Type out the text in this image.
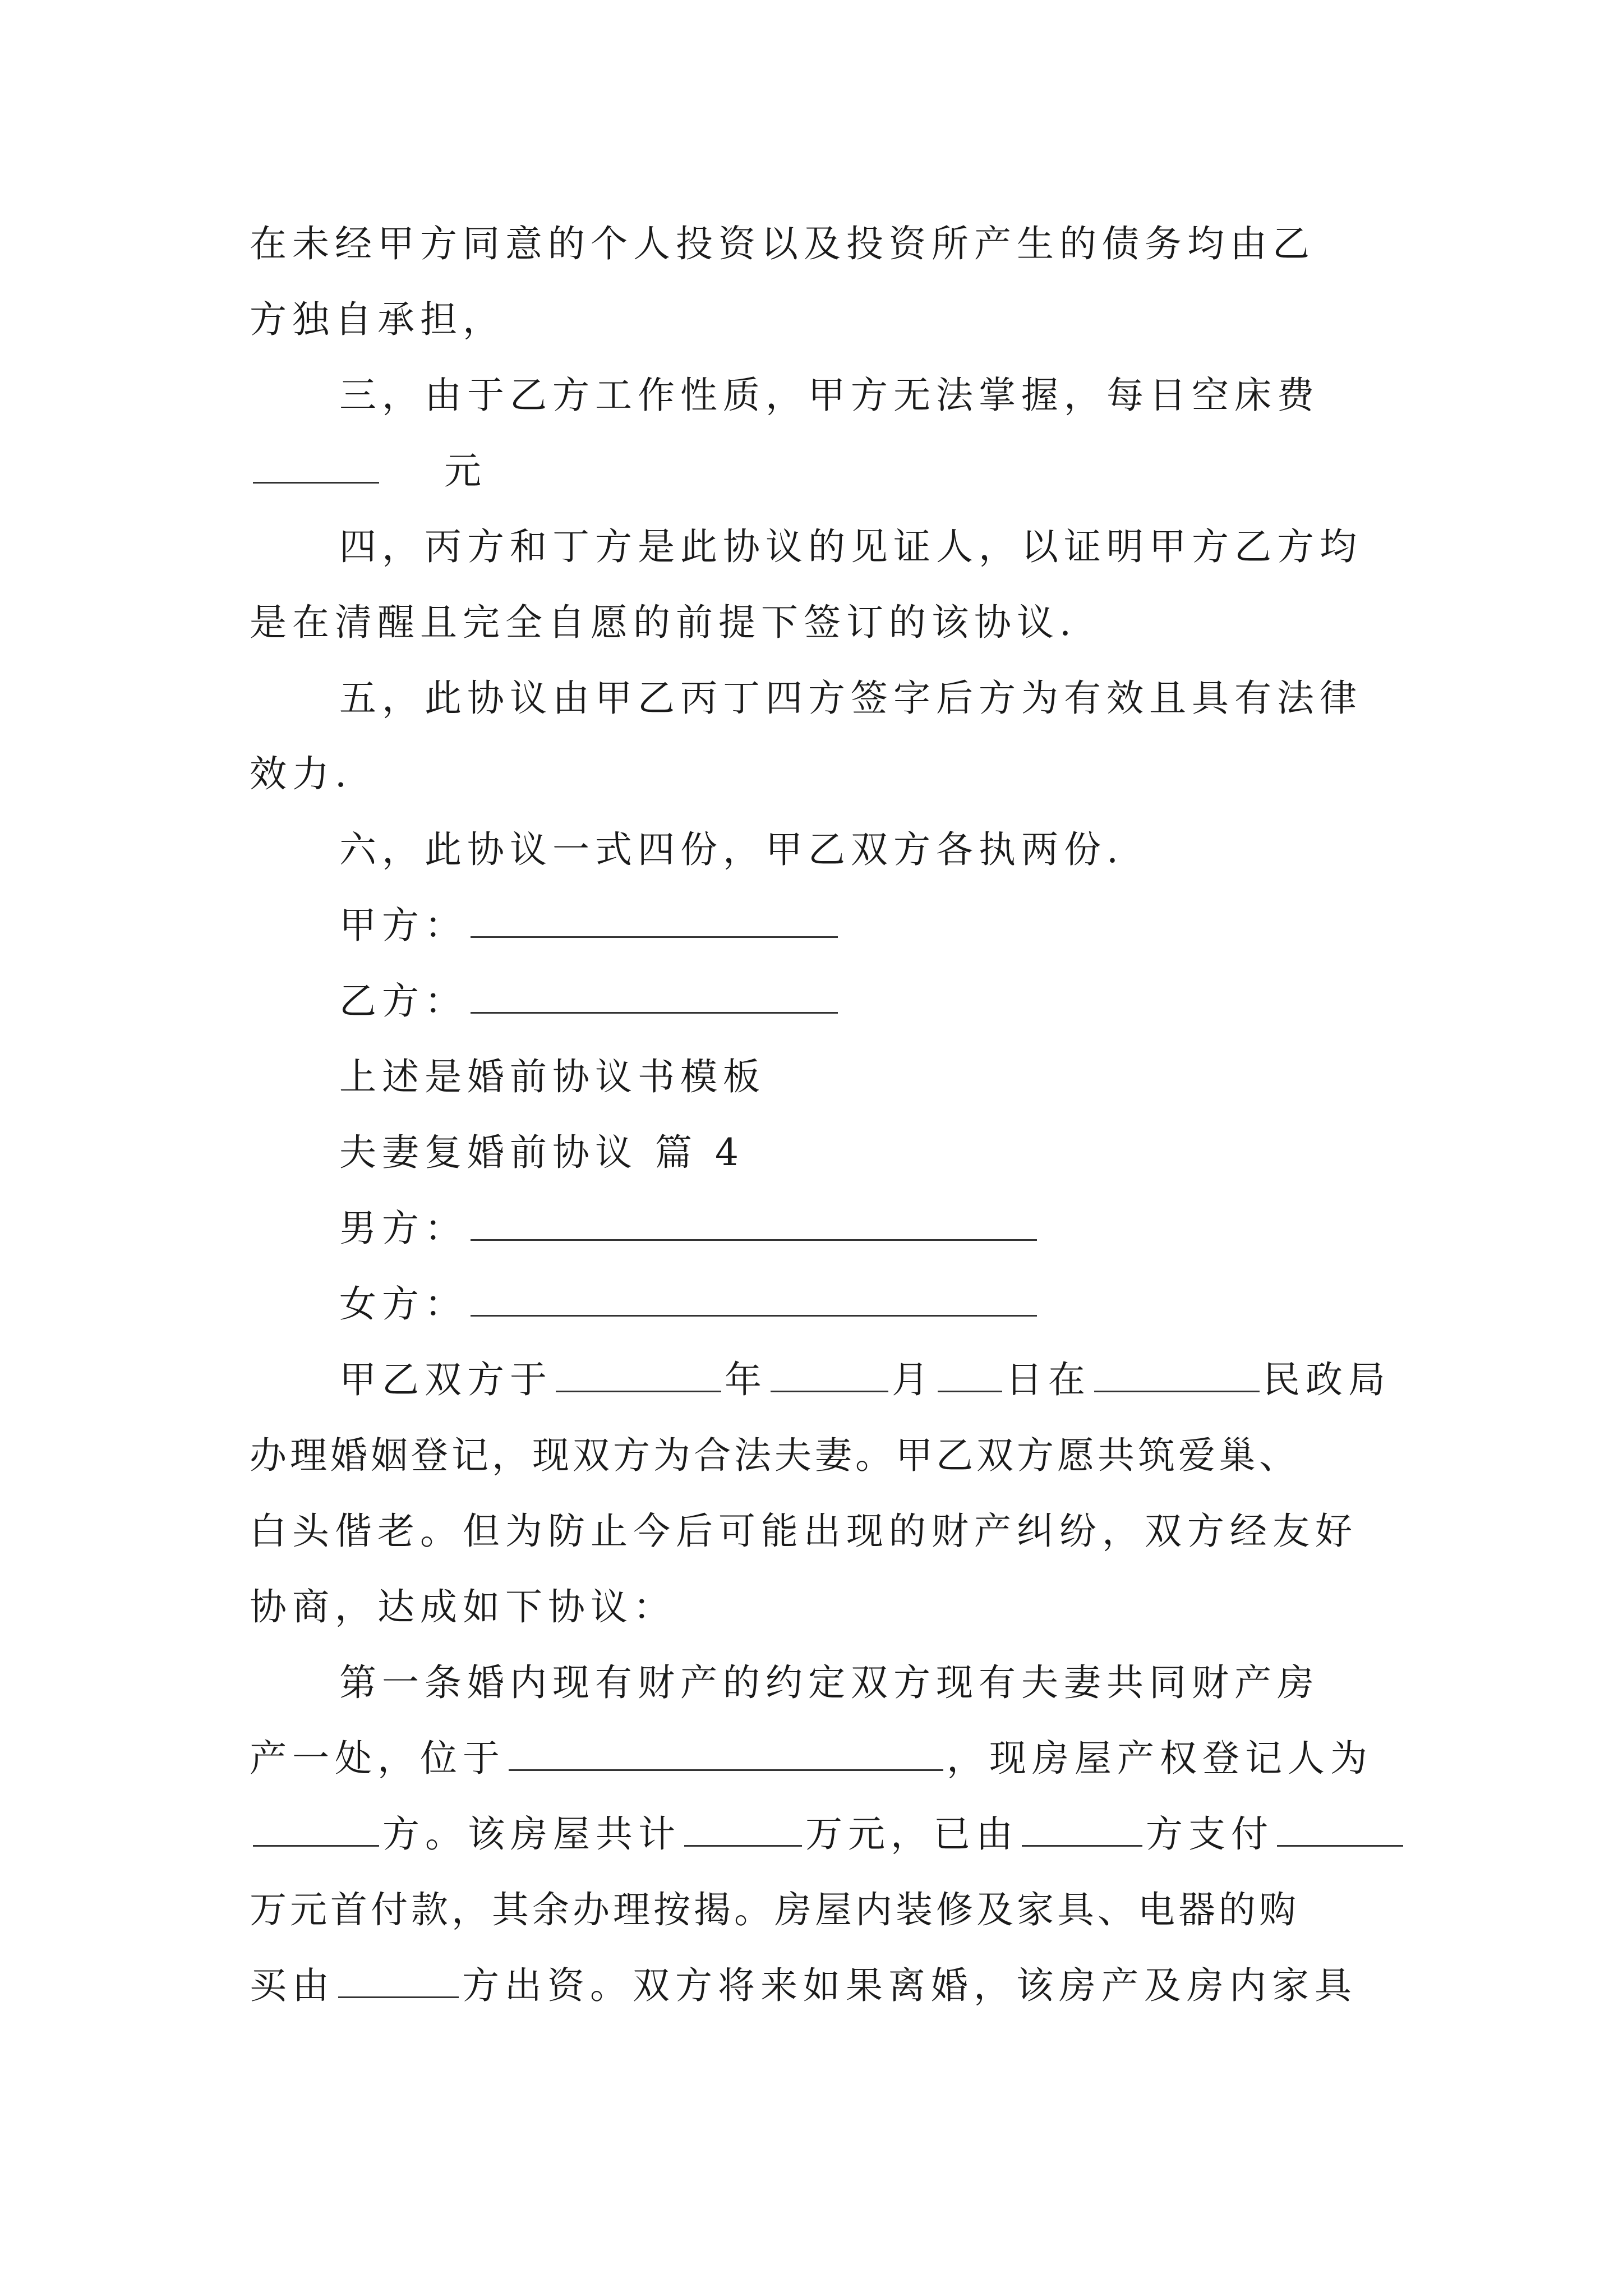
在未经甲方同意的个人投资以及投资所产生的债务均由乙
方独自承担，
三，由于乙方工作性质，甲方无法掌握，每日空床费
元
四，丙方和丁方是此协议的见证人，以证明甲方乙方均
是在清醒且完全自愿的前提下签订的该协议.
五，此协议由甲乙丙丁四方签字后方为有效且具有法律
效力.
六，此协议一式四份，甲乙双方各执两份.
甲方：
乙方：
上述是婚前协议书模板
夫妻复婚前协议 篇 4
男方：
女方：
甲乙双方于	年	月 日在	民政局
办理婚姻登记，现双方为合法夫妻。甲乙双方愿共筑爱巢、
白头偕老。但为防止今后可能出现的财产纠纷，双方经友好
协商，达成如下协议：
第一条婚内现有财产的约定双方现有夫妻共同财产房
产一处，位于	，现房屋产权登记人为
方。该房屋共计	万元，已由	方支付
万元首付款，其余办理按揭。房屋内装修及家具、电器的购
买由	方出资。双方将来如果离婚，该房产及房内家具
